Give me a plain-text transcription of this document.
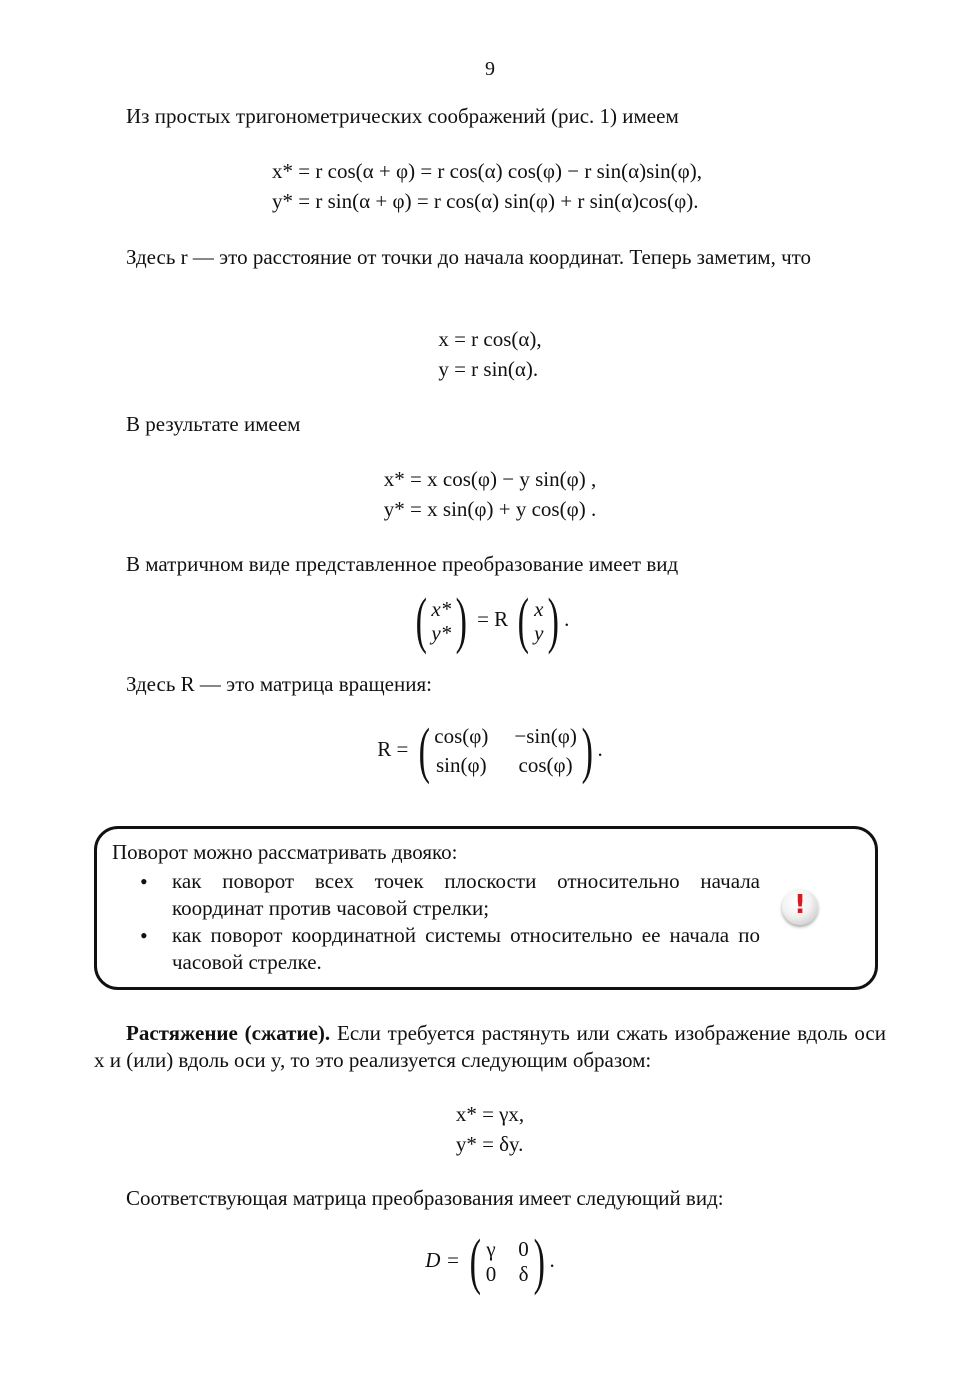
9
Из простых тригонометрических соображений (рис. 1) имеем
x* = r cos(α + φ) = r cos(α) cos(φ) − r sin(α)sin(φ),
y* = r sin(α + φ) = r cos(α) sin(φ) + r sin(α)cos(φ).
Здесь r — это расстояние от точки до начала координат. Теперь заметим, что
x = r cos(α),
y = r sin(α).
В результате имеем
x* = x cos(φ) − y sin(φ) ,
y* = x sin(φ) + y cos(φ) .
В матричном виде представленное преобразование имеет вид
( x*
y* ) = R ( x
y ) .
Здесь R — это матрица вращения:
R = ( cos(φ) −sin(φ)
sin(φ) cos(φ) ) .
Поворот можно рассматривать двояко:
• как поворот всех точек плоскости относительно начала координат против часовой стрелки;
• как поворот координатной системы относительно ее начала по часовой стрелке.
!
Растяжение (сжатие). Если требуется растянуть или сжать изображение вдоль оси x и (или) вдоль оси y, то это реализуется следующим образом:
x* = γx,
y* = δy.
Соответствующая матрица преобразования имеет следующий вид:
D = ( γ 0
0 δ ) .
